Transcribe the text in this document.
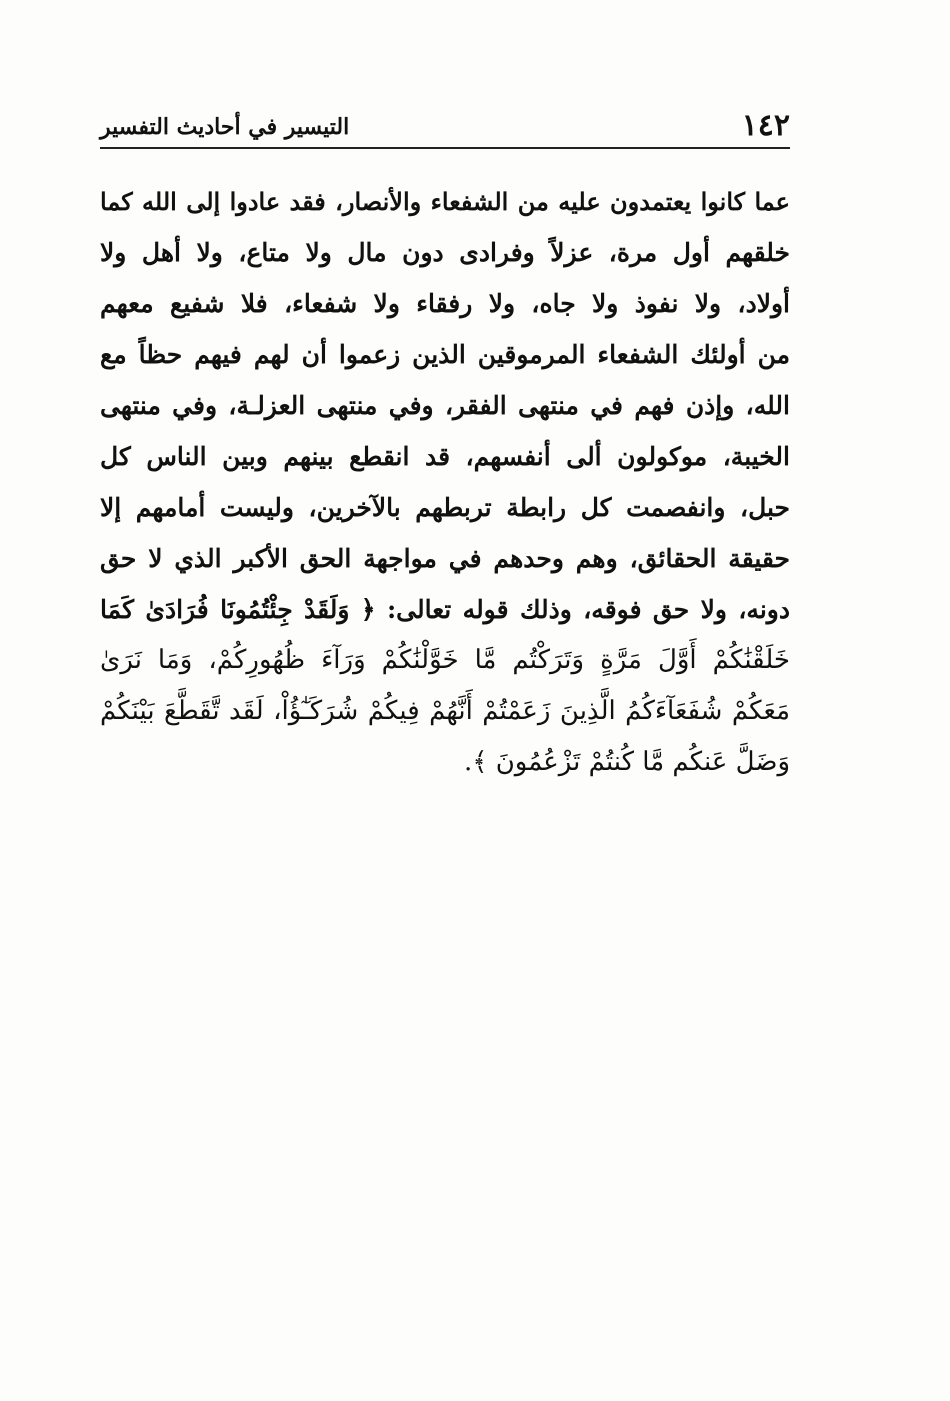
١٤٢
التيسير في أحاديث التفسير
عما كانوا يعتمدون عليه من الشفعاء والأنصار، فقد عادوا إلى الله كما
خلقهم أول مرة، عزلاً وفرادى دون مال ولا متاع، ولا أهل ولا
أولاد، ولا نفوذ ولا جاه، ولا رفقاء ولا شفعاء، فلا شفيع معهم
من أولئك الشفعاء المرموقين الذين زعموا أن لهم فيهم حظاً مع
الله، وإذن فهم في منتهى الفقر، وفي منتهى العزلـة، وفي منتهى
الخيبة، موكولون ألى أنفسهم، قد انقطع بينهم وبين الناس كل
حبل، وانفصمت كل رابطة تربطهم بالآخرين، وليست أمامهم إلا
حقيقة الحقائق، وهم وحدهم في مواجهة الحق الأكبر الذي لا حق
دونه، ولا حق فوقه، وذلك قوله تعالى: ﴿ وَلَقَدْ جِئْتُمُونَا فُرَادَىٰ كَمَا
خَلَقْنَٰكُمْ أَوَّلَ مَرَّةٍ وَتَرَكْتُم مَّا خَوَّلْنَٰكُمْ وَرَآءَ ظُهُورِكُمْ، وَمَا نَرَىٰ
مَعَكُمْ شُفَعَآءَكُمُ الَّذِينَ زَعَمْتُمْ أَنَّهُمْ فِيكُمْ شُرَكَـٰٓؤُاْ، لَقَد تَّقَطَّعَ بَيْنَكُمْ
وَضَلَّ عَنكُم مَّا كُنتُمْ تَزْعُمُونَ ﴾.
